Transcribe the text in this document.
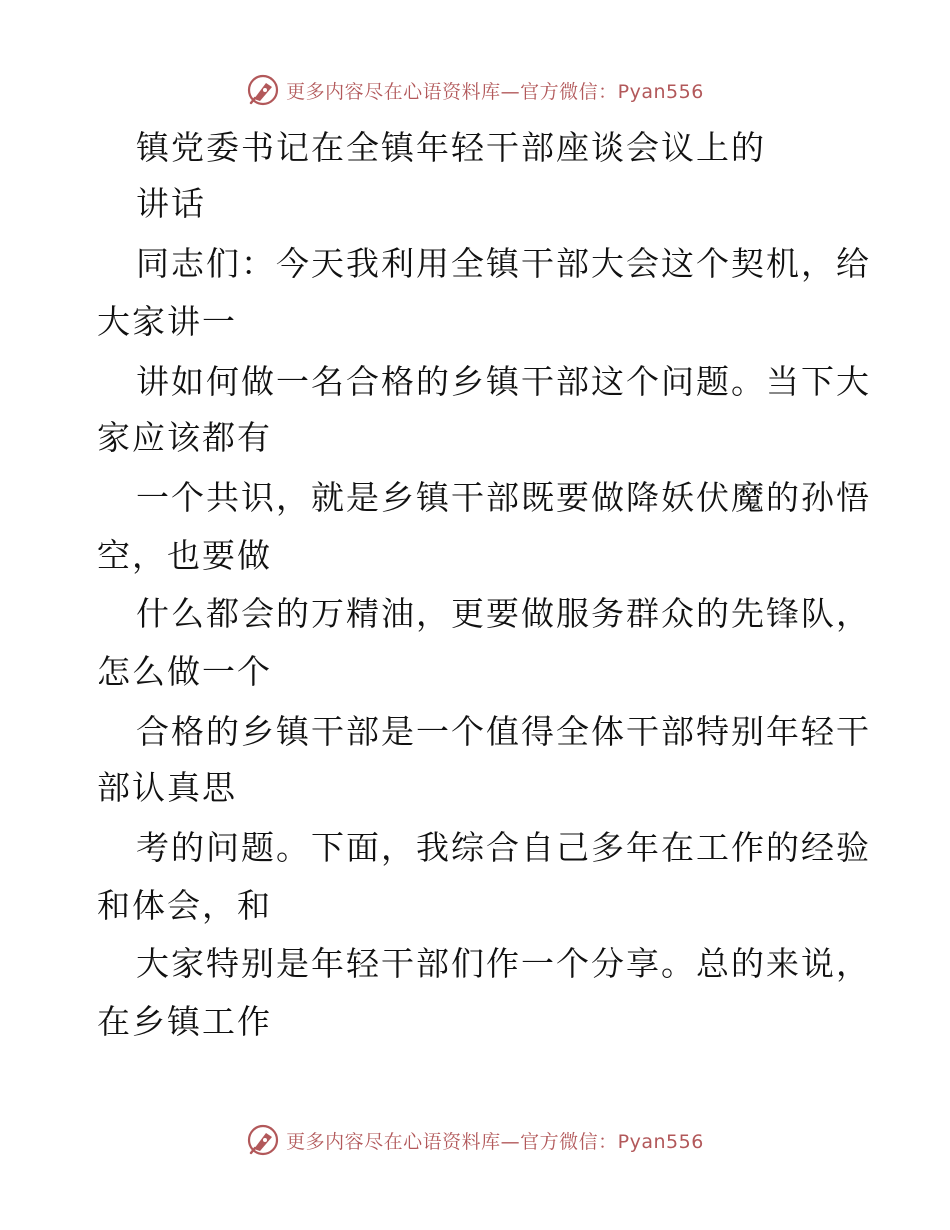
更多内容尽在心语资料库—官方微信：Pyan556
镇党委书记在全镇年轻干部座谈会议上的
讲话
同志们：今天我利用全镇干部大会这个契机，给
大家讲一
讲如何做一名合格的乡镇干部这个问题。当下大
家应该都有
一个共识，就是乡镇干部既要做降妖伏魔的孙悟
空，也要做
什么都会的万精油，更要做服务群众的先锋队，
怎么做一个
合格的乡镇干部是一个值得全体干部特别年轻干
部认真思
考的问题。下面，我综合自己多年在工作的经验
和体会，和
大家特别是年轻干部们作一个分享。总的来说，
在乡镇工作
更多内容尽在心语资料库—官方微信：Pyan556
